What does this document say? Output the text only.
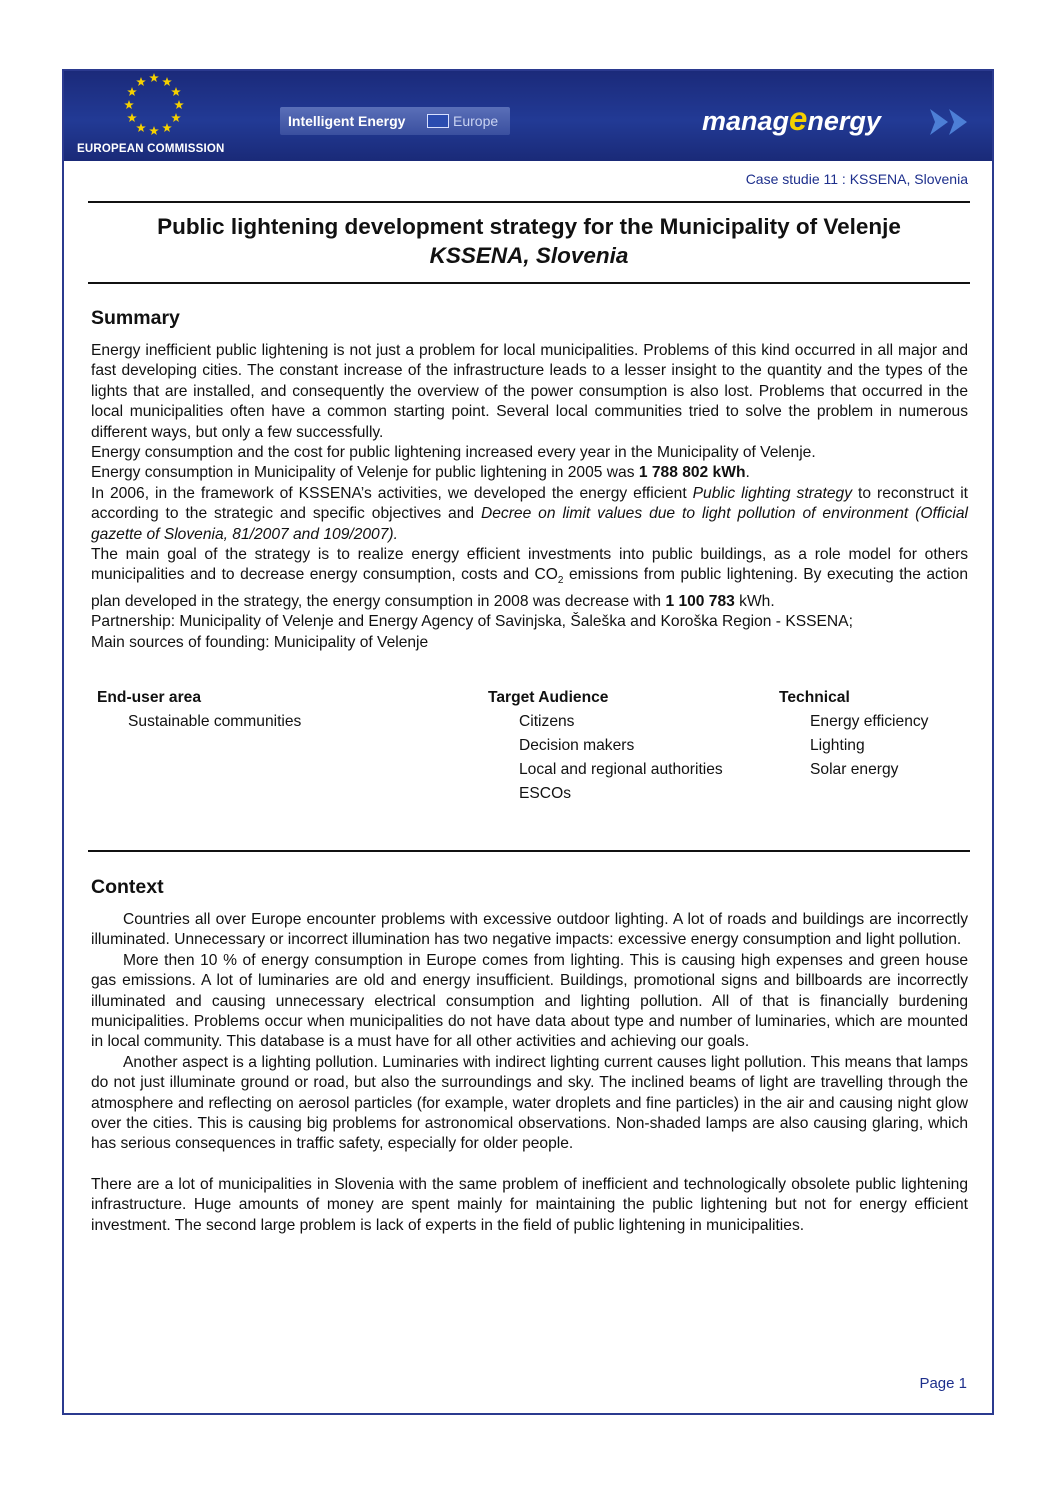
EUROPEAN COMMISSION
Intelligent Energy	Europe	managenergy
Case studie 11 : KSSENA, Slovenia
Public lightening development strategy for the Municipality of Velenje
KSSENA, Slovenia
Summary

Energy inefficient public lightening is not just a problem for local municipalities. Problems of this kind occurred in all major and fast developing cities. The constant increase of the infrastructure leads to a lesser insight to the quantity and the types of the lights that are installed, and consequently the overview of the power consumption is also lost. Problems that occurred in the local municipalities often have a common starting point. Several local communities tried to solve the problem in numerous different ways, but only a few successfully.

Energy consumption and the cost for public lightening increased every year in the Municipality of Velenje.

Energy consumption in Municipality of Velenje for public lightening in 2005 was 1 788 802 kWh.

In 2006, in the framework of KSSENA’s activities, we developed the energy efficient Public lighting strategy to reconstruct it according to the strategic and specific objectives and Decree on limit values due to light pollution of environment (Official gazette of Slovenia, 81/2007 and 109/2007).

The main goal of the strategy is to realize energy efficient investments into public buildings, as a role model for others municipalities and to decrease energy consumption, costs and $CO_2$ emissions from public lightening. By executing the action plan developed in the strategy, the energy consumption in 2008 was decrease with 1 100 783 kWh.

Partnership: Municipality of Velenje and Energy Agency of Savinjska, Šaleška and Koroška Region - KSSENA;

Main sources of founding: Municipality of Velenje

End-user area
Sustainable communities
Target Audience
Citizens
Decision makers
Local and regional authorities
ESCOs
Technical
Energy efficiency
Lighting
Solar energy
Context

Countries all over Europe encounter problems with excessive outdoor lighting. A lot of roads and buildings are incorrectly illuminated. Unnecessary or incorrect illumination has two negative impacts: excessive energy consumption and light pollution.

More then 10 % of energy consumption in Europe comes from lighting. This is causing high expenses and green house gas emissions. A lot of luminaries are old and energy insufficient. Buildings, promotional signs and billboards are incorrectly illuminated and causing unnecessary electrical consumption and lighting pollution. All of that is financially burdening municipalities. Problems occur when municipalities do not have data about type and number of luminaries, which are mounted in local community. This database is a must have for all other activities and achieving our goals.

Another aspect is a lighting pollution. Luminaries with indirect lighting current causes light pollution. This means that lamps do not just illuminate ground or road, but also the surroundings and sky. The inclined beams of light are travelling through the atmosphere and reflecting on aerosol particles (for example, water droplets and fine particles) in the air and causing night glow over the cities. This is causing big problems for astronomical observations. Non-shaded lamps are also causing glaring, which has serious consequences in traffic safety, especially for older people.

There are a lot of municipalities in Slovenia with the same problem of inefficient and technologically obsolete public lightening infrastructure. Huge amounts of money are spent mainly for maintaining the public lightening but not for energy efficient investment. The second large problem is lack of experts in the field of public lightening in municipalities.

Page 1
